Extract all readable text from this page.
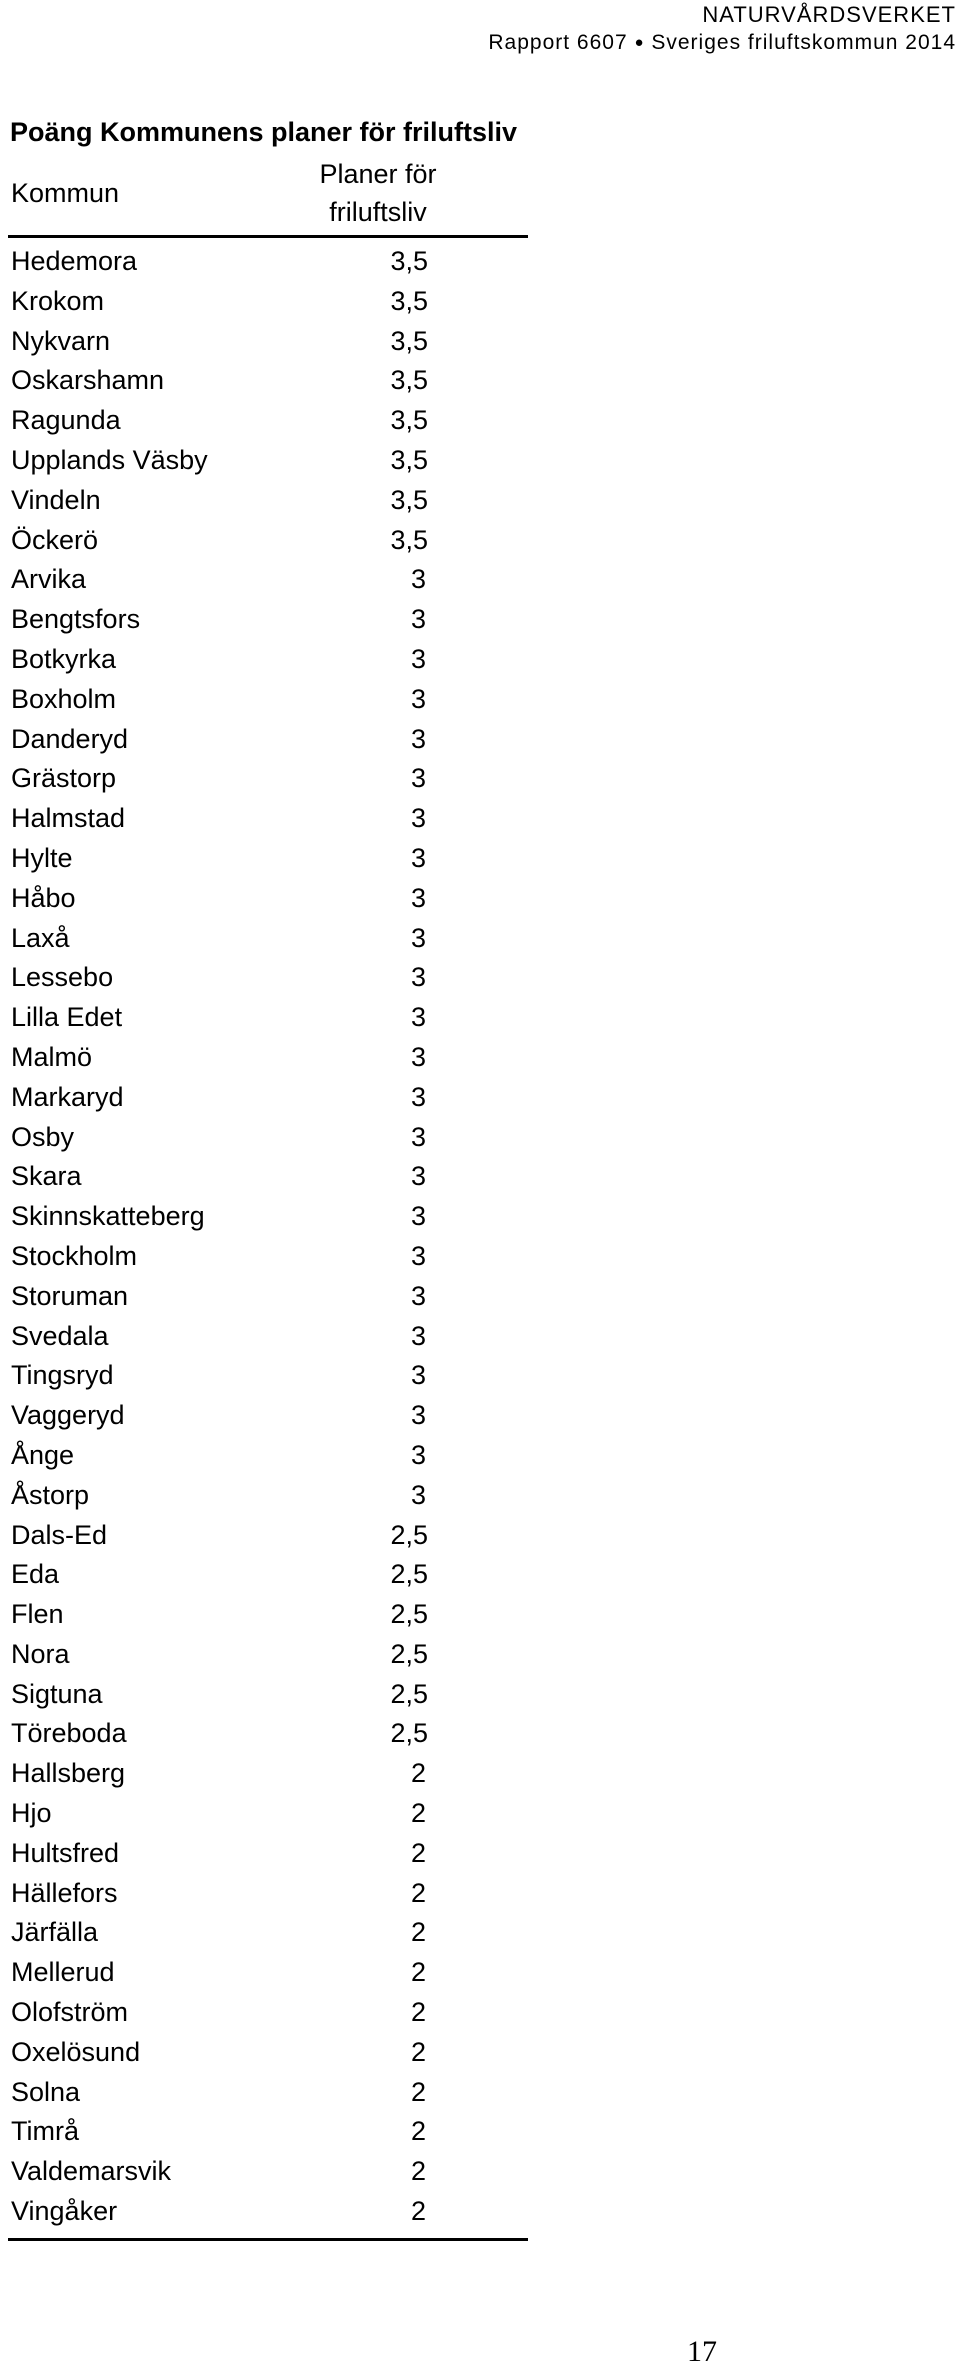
NATURVÅRDSVERKET
Rapport 6607 ● Sveriges friluftskommun 2014
Poäng Kommunens planer för friluftsliv
Kommun
Planer för
friluftsliv
Hedemora	3,5
Krokom	3,5
Nykvarn	3,5
Oskarshamn	3,5
Ragunda	3,5
Upplands Väsby	3,5
Vindeln	3,5
Öckerö	3,5
Arvika	3
Bengtsfors	3
Botkyrka	3
Boxholm	3
Danderyd	3
Grästorp	3
Halmstad	3
Hylte	3
Håbo	3
Laxå	3
Lessebo	3
Lilla Edet	3
Malmö	3
Markaryd	3
Osby	3
Skara	3
Skinnskatteberg	3
Stockholm	3
Storuman	3
Svedala	3
Tingsryd	3
Vaggeryd	3
Ånge	3
Åstorp	3
Dals-Ed	2,5
Eda	2,5
Flen	2,5
Nora	2,5
Sigtuna	2,5
Töreboda	2,5
Hallsberg	2
Hjo	2
Hultsfred	2
Hällefors	2
Järfälla	2
Mellerud	2
Olofström	2
Oxelösund	2
Solna	2
Timrå	2
Valdemarsvik	2
Vingåker	2
17
